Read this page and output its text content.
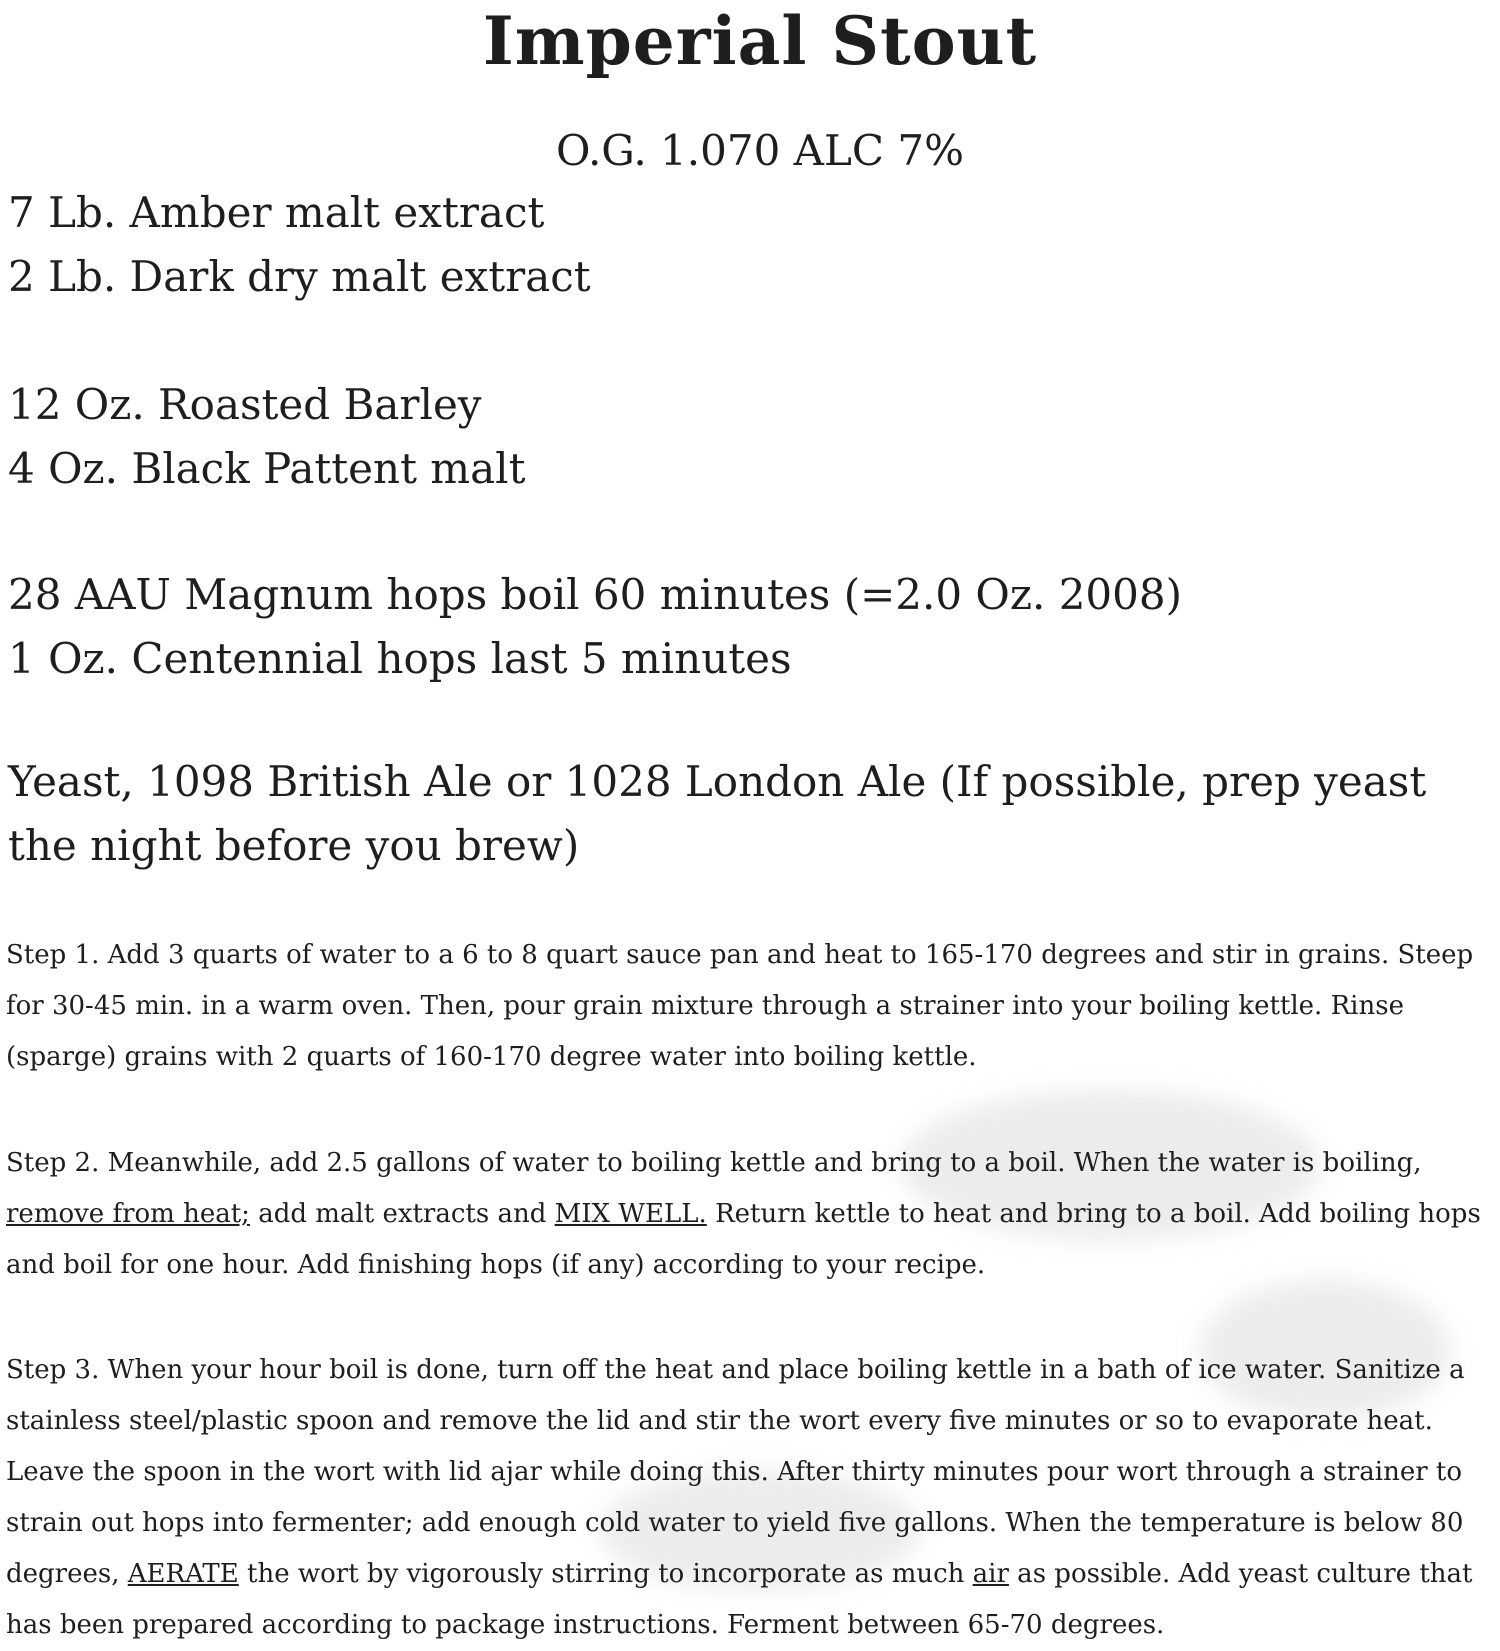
Imperial Stout
O.G. 1.070 ALC 7%
7 Lb. Amber malt extract
2 Lb. Dark dry malt extract
12 Oz. Roasted Barley
4 Oz. Black Pattent malt
28 AAU Magnum hops boil 60 minutes (=2.0 Oz. 2008)
1 Oz. Centennial hops last 5 minutes
Yeast, 1098 British Ale or 1028 London Ale (If possible, prep yeast the night before you brew)
Step 1. Add 3 quarts of water to a 6 to 8 quart sauce pan and heat to 165-170 degrees and stir in grains. Steep for 30-45 min. in a warm oven. Then, pour grain mixture through a strainer into your boiling kettle. Rinse (sparge) grains with 2 quarts of 160-170 degree water into boiling kettle.
Step 2. Meanwhile, add 2.5 gallons of water to boiling kettle and bring to a boil. When the water is boiling, remove from heat; add malt extracts and MIX WELL. Return kettle to heat and bring to a boil. Add boiling hops and boil for one hour. Add finishing hops (if any) according to your recipe.
Step 3. When your hour boil is done, turn off the heat and place boiling kettle in a bath of ice water. Sanitize a stainless steel/plastic spoon and remove the lid and stir the wort every five minutes or so to evaporate heat. Leave the spoon in the wort with lid ajar while doing this. After thirty minutes pour wort through a strainer to strain out hops into fermenter; add enough cold water to yield five gallons. When the temperature is below 80 degrees, AERATE the wort by vigorously stirring to incorporate as much air as possible. Add yeast culture that has been prepared according to package instructions. Ferment between 65-70 degrees.
